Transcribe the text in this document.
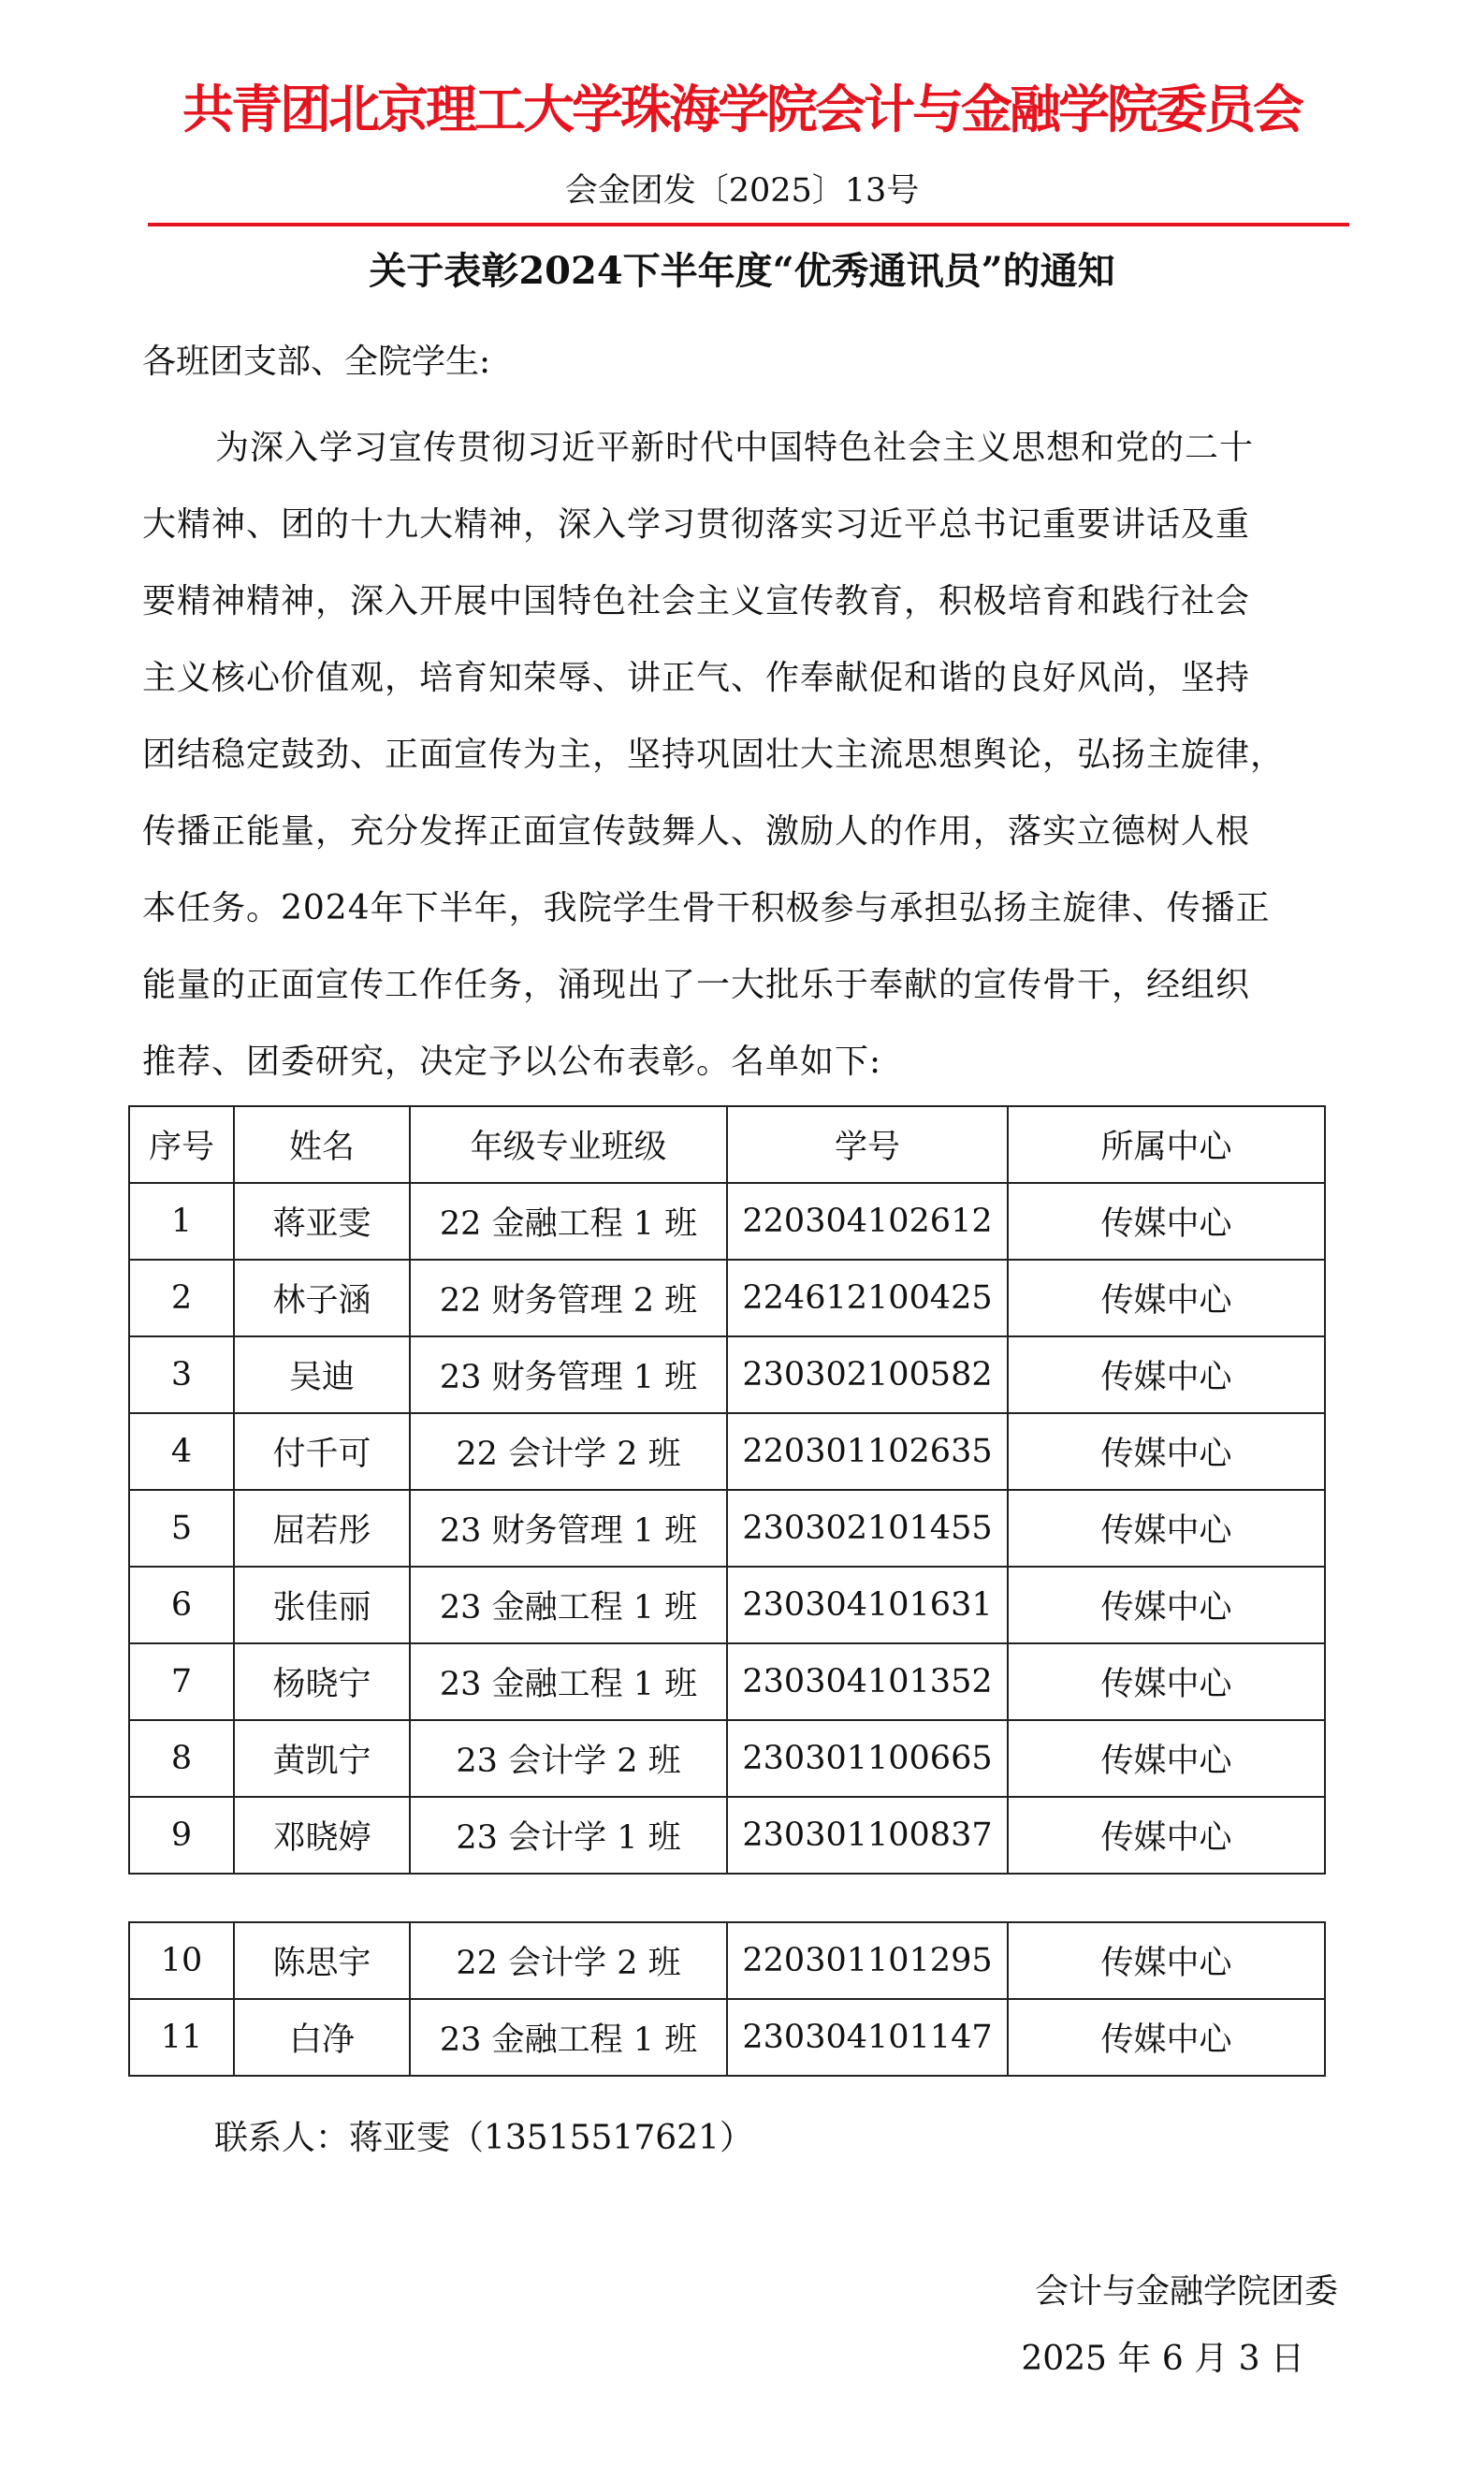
共青团北京理工大学珠海学院会计与金融学院委员会
会金团发〔2025〕13号
关于表彰2024下半年度“优秀通讯员”的通知
各班团支部、全院学生:
为深入学习宣传贯彻习近平新时代中国特色社会主义思想和党的二十
大精神、团的十九大精神，深入学习贯彻落实习近平总书记重要讲话及重
要精神精神，深入开展中国特色社会主义宣传教育，积极培育和践行社会
主义核心价值观，培育知荣辱、讲正气、作奉献促和谐的良好风尚，坚持
团结稳定鼓劲、正面宣传为主，坚持巩固壮大主流思想舆论，弘扬主旋律，
传播正能量，充分发挥正面宣传鼓舞人、激励人的作用，落实立德树人根
本任务。2024年下半年，我院学生骨干积极参与承担弘扬主旋律、传播正
能量的正面宣传工作任务，涌现出了一大批乐于奉献的宣传骨干，经组织
推荐、团委研究，决定予以公布表彰。名单如下:
序号	姓名	年级专业班级	学号	所属中心
1	蒋亚雯	22 金融工程 1 班	220304102612	传媒中心
2	林子涵	22 财务管理 2 班	224612100425	传媒中心
3	吴迪	23 财务管理 1 班	230302100582	传媒中心
4	付千可	22 会计学 2 班	220301102635	传媒中心
5	屈若彤	23 财务管理 1 班	230302101455	传媒中心
6	张佳丽	23 金融工程 1 班	230304101631	传媒中心
7	杨晓宁	23 金融工程 1 班	230304101352	传媒中心
8	黄凯宁	23 会计学 2 班	230301100665	传媒中心
9	邓晓婷	23 会计学 1 班	230301100837	传媒中心
10	陈思宇	22 会计学 2 班	220301101295	传媒中心
11	白净	23 金融工程 1 班	230304101147	传媒中心
联系人：蒋亚雯（13515517621）
会计与金融学院团委
2025 年 6 月 3 日
